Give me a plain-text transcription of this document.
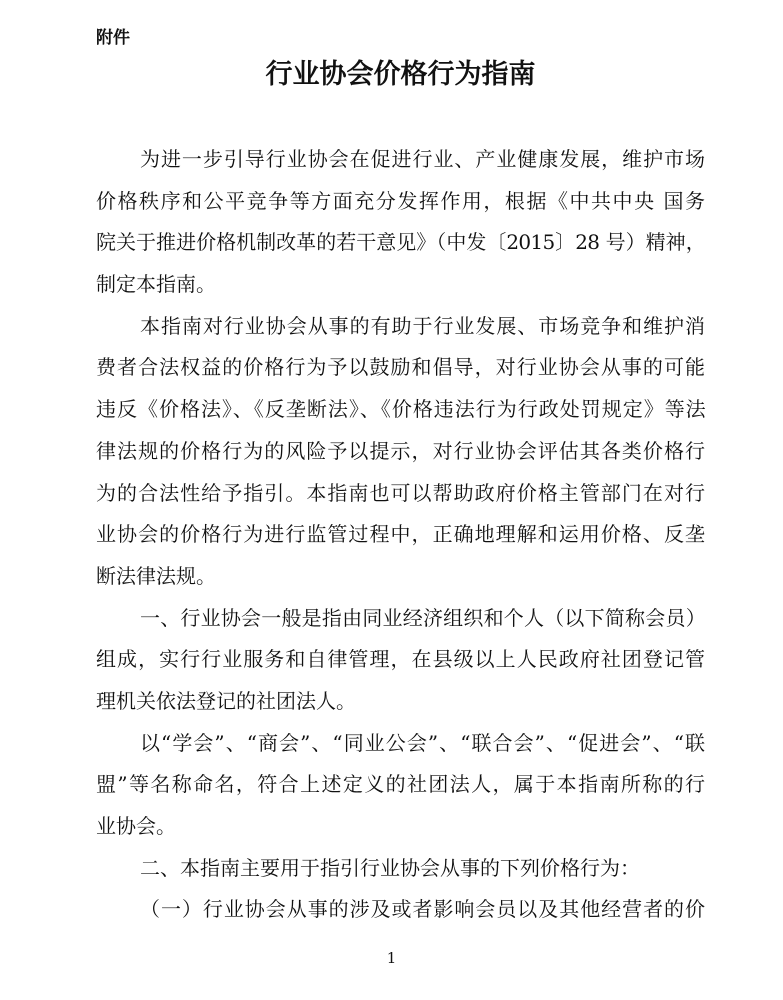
附件
行业协会价格行为指南
为进一步引导行业协会在促进行业、产业健康发展，维护市场
价格秩序和公平竞争等方面充分发挥作用，根据《中共中央 国务
院关于推进价格机制改革的若干意见》（中发〔2015〕28 号）精神，
制定本指南。
本指南对行业协会从事的有助于行业发展、市场竞争和维护消
费者合法权益的价格行为予以鼓励和倡导，对行业协会从事的可能
违反《价格法》、《反垄断法》、《价格违法行为行政处罚规定》等法
律法规的价格行为的风险予以提示，对行业协会评估其各类价格行
为的合法性给予指引。本指南也可以帮助政府价格主管部门在对行
业协会的价格行为进行监管过程中，正确地理解和运用价格、反垄
断法律法规。
一、行业协会一般是指由同业经济组织和个人（以下简称会员）
组成，实行行业服务和自律管理，在县级以上人民政府社团登记管
理机关依法登记的社团法人。
以“学会”、“商会”、“同业公会”、“联合会”、“促进会”、“联
盟”等名称命名，符合上述定义的社团法人，属于本指南所称的行
业协会。
二、本指南主要用于指引行业协会从事的下列价格行为：
（一）行业协会从事的涉及或者影响会员以及其他经营者的价
1
